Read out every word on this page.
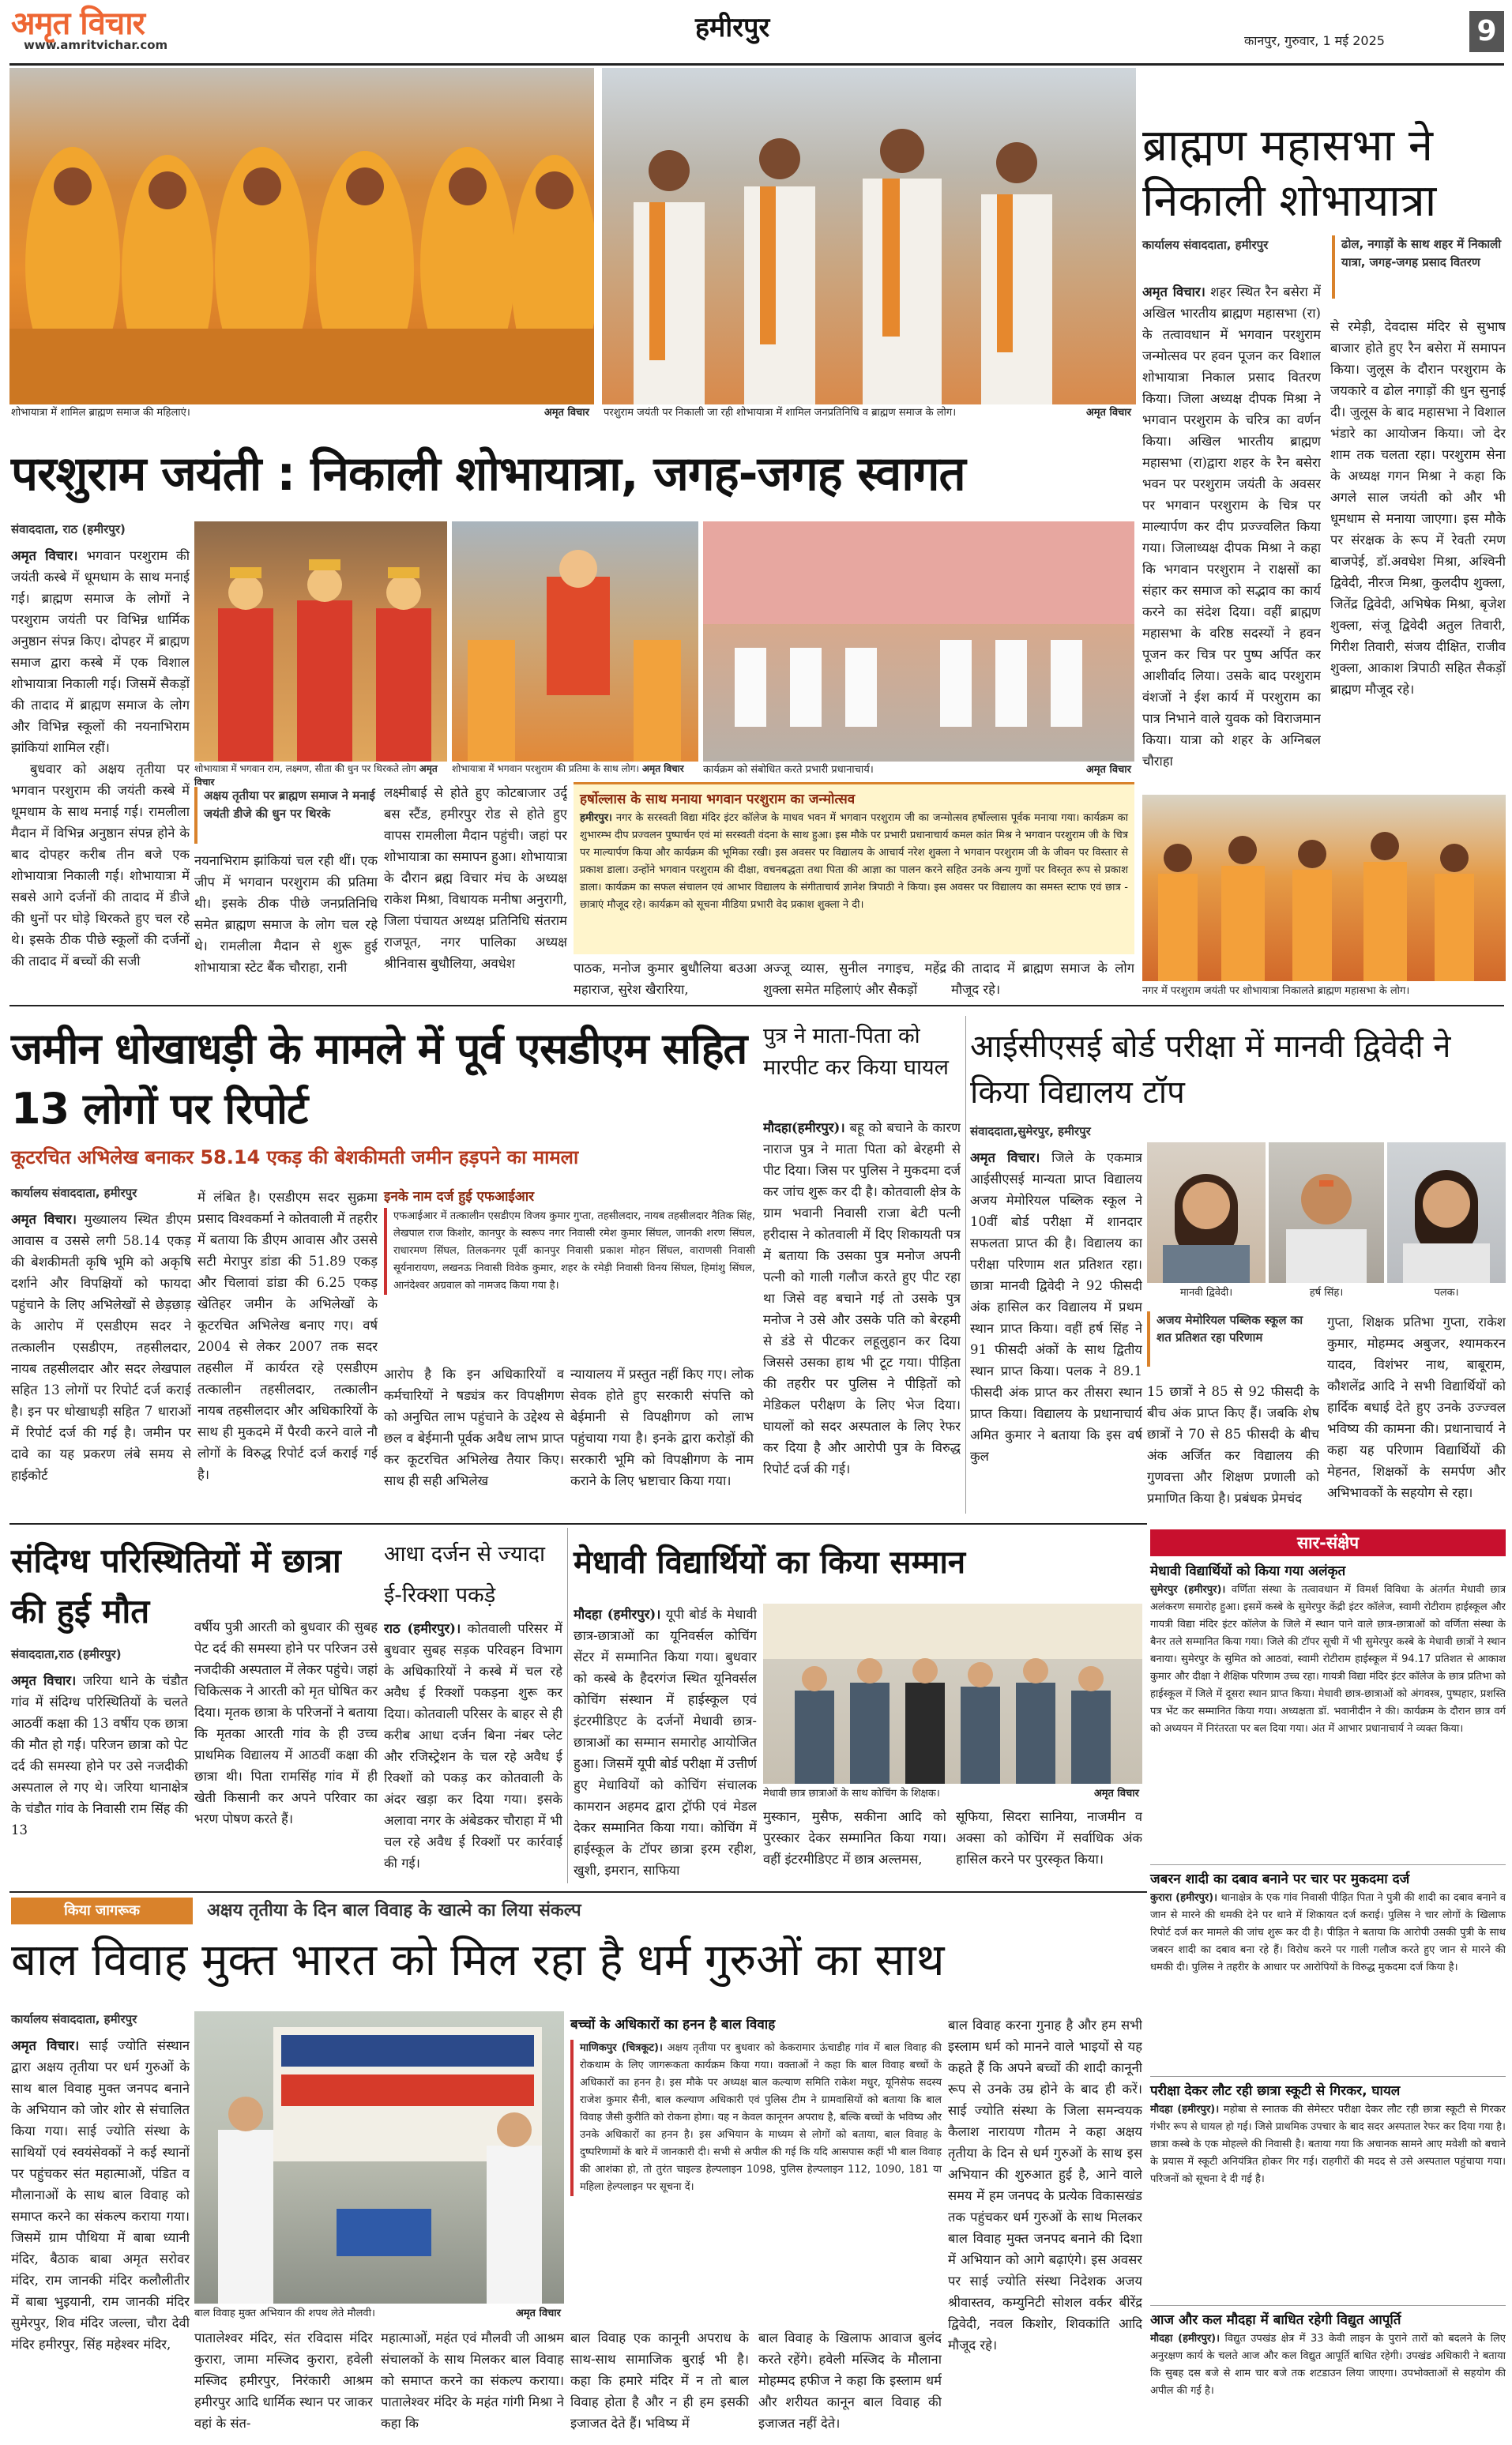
अमृत विचार
www.amritvichar.com
हमीरपुर	कानपुर, गुरुवार, 1 मई 2025	9
शोभायात्रा में शामिल ब्राह्मण समाज की महिलाएं।	अमृत विचार परशुराम जयंती पर निकाली जा रही शोभायात्रा में शामिल जनप्रतिनिधि व ब्राह्मण समाज के लोग।	अमृत विचार
ब्राह्मण महासभा ने निकाली शोभायात्रा
कार्यालय संवाददाता, हमीरपुर	ढोल, नगाड़ों के साथ शहर में निकाली यात्रा, जगह-जगह प्रसाद वितरण
अमृत विचार। शहर स्थित रैन बसेरा में अखिल भारतीय ब्राह्मण महासभा (रा) के तत्वावधान में भगवान परशुराम जन्मोत्सव पर हवन पूजन कर विशाल शोभायात्रा निकाल प्रसाद वितरण किया। जिला अध्यक्ष दीपक मिश्रा ने भगवान परशुराम के चरित्र का वर्णन किया। अखिल भारतीय ब्राह्मण महासभा (रा)द्वारा शहर के रैन बसेरा भवन पर परशुराम जयंती के अवसर पर भगवान परशुराम के चित्र पर माल्यार्पण कर दीप प्रज्ज्वलित किया गया। जिलाध्यक्ष दीपक मिश्रा ने कहा कि भगवान परशुराम ने राक्षसों का संहार कर समाज को सद्भाव का कार्य करने का संदेश दिया। वहीं ब्राह्मण महासभा के वरिष्ठ सदस्यों ने हवन पूजन कर चित्र पर पुष्प अर्पित कर आशीर्वाद लिया। उसके बाद परशुराम वंशजों ने ईश कार्य में परशुराम का पात्र निभाने वाले युवक को विराजमान किया। यात्रा को शहर के अग्निबल चौराहा
से रमेड़ी, देवदास मंदिर से सुभाष बाजार होते हुए रैन बसेरा में समापन किया। जुलूस के दौरान परशुराम के जयकारे व ढोल नगाड़ों की धुन सुनाई दी। जुलूस के बाद महासभा ने विशाल भंडारे का आयोजन किया। जो देर शाम तक चलता रहा। परशुराम सेना के अध्यक्ष गगन मिश्रा ने कहा कि अगले साल जयंती को और भी धूमधाम से मनाया जाएगा। इस मौके पर संरक्षक के रूप में रेवती रमण बाजपेई, डॉ.अवधेश मिश्रा, अश्विनी द्विवेदी, नीरज मिश्रा, कुलदीप शुक्ला, जितेंद्र द्विवेदी, अभिषेक मिश्रा, बृजेश शुक्ला, संजू द्विवेदी अतुल तिवारी, गिरीश तिवारी, संजय दीक्षित, राजीव शुक्ला, आकाश त्रिपाठी सहित सैकड़ों ब्राह्मण मौजूद रहे।
नगर में परशुराम जयंती पर शोभायात्रा निकालते ब्राह्मण महासभा के लोग।
परशुराम जयंती : निकाली शोभायात्रा, जगह-जगह स्वागत
संवाददाता, राठ (हमीरपुर)
अमृत विचार। भगवान परशुराम की जयंती कस्बे में धूमधाम के साथ मनाई गई। ब्राह्मण समाज के लोगों ने परशुराम जयंती पर विभिन्न धार्मिक अनुष्ठान संपन्न किए। दोपहर में ब्राह्मण समाज द्वारा कस्बे में एक विशाल शोभायात्रा निकाली गई। जिसमें सैकड़ों की तादाद में ब्राह्मण समाज के लोग और विभिन्न स्कूलों की नयनाभिराम झांकियां शामिल रहीं।
बुधवार को अक्षय तृतीया पर भगवान परशुराम की जयंती कस्बे में धूमधाम के साथ मनाई गई। रामलीला मैदान में विभिन्न अनुष्ठान संपन्न होने के बाद दोपहर करीब तीन बजे एक शोभायात्रा निकाली गई। शोभायात्रा में सबसे आगे दर्जनों की तादाद में डीजे की धुनों पर घोड़े थिरकते हुए चल रहे थे। इसके ठीक पीछे स्कूलों की दर्जनों की तादाद में बच्चों की सजी
शोभायात्रा में भगवान राम, लक्ष्मण, सीता की धुन पर थिरकते लोग अमृत विचार
शोभायात्रा में भगवान परशुराम की प्रतिमा के साथ लोग। अमृत विचार	कार्यक्रम को संबोधित करते प्रभारी प्रधानाचार्य।	अमृत विचार
अक्षय तृतीया पर ब्राह्मण समाज ने मनाई जयंती डीजे की धुन पर थिरके
नयनाभिराम झांकियां चल रही थीं। एक जीप में भगवान परशुराम की प्रतिमा थी। इसके ठीक पीछे जनप्रतिनिधि समेत ब्राह्मण समाज के लोग चल रहे थे। रामलीला मैदान से शुरू हुई शोभायात्रा स्टेट बैंक चौराहा, रानी
लक्ष्मीबाई से होते हुए कोटबाजार उर्दू बस स्टैंड, हमीरपुर रोड से होते हुए वापस रामलीला मैदान पहुंची। जहां पर शोभायात्रा का समापन हुआ। शोभायात्रा के दौरान ब्रह्म विचार मंच के अध्यक्ष राकेश मिश्रा, विधायक मनीषा अनुरागी, जिला पंचायत अध्यक्ष प्रतिनिधि संतराम राजपूत, नगर पालिका अध्यक्ष श्रीनिवास बुधौलिया, अवधेश
हर्षोल्लास के साथ मनाया भगवान परशुराम का जन्मोत्सव
हमीरपुर। नगर के सरस्वती विद्या मंदिर इंटर कॉलेज के माधव भवन में भगवान परशुराम जी का जन्मोत्सव हर्षोल्लास पूर्वक मनाया गया। कार्यक्रम का शुभारम्भ दीप प्रज्वलन पुष्पार्चन एवं मां सरस्वती वंदना के साथ हुआ। इस मौके पर प्रभारी प्रधानाचार्य कमल कांत मिश्र ने भगवान परशुराम जी के चित्र पर माल्यार्पण किया और कार्यक्रम की भूमिका रखी। इस अवसर पर विद्यालय के आचार्य नरेश शुक्ला ने भगवान परशुराम जी के जीवन पर विस्तार से प्रकाश डाला। उन्होंने भगवान परशुराम की दीक्षा, वचनबद्धता तथा पिता की आज्ञा का पालन करने सहित उनके अन्य गुणों पर विस्तृत रूप से प्रकाश डाला। कार्यक्रम का सफल संचालन एवं आभार विद्यालय के संगीताचार्य ज्ञानेश त्रिपाठी ने किया। इस अवसर पर विद्यालय का समस्त स्टाफ एवं छात्र - छात्राएं मौजूद रहे। कार्यक्रम को सूचना मीडिया प्रभारी वेद प्रकाश शुक्ला ने दी।
पाठक, मनोज कुमार बुधौलिया बउआ महाराज, सुरेश खैरारिया,
अज्जू व्यास, सुनील नगाइच, महेंद्र शुक्ला समेत महिलाएं और सैकड़ों
की तादाद में ब्राह्मण समाज के लोग मौजूद रहे।
जमीन धोखाधड़ी के मामले में पूर्व एसडीएम सहित 13 लोगों पर रिपोर्ट
कूटरचित अभिलेख बनाकर 58.14 एकड़ की बेशकीमती जमीन हड़पने का मामला
कार्यालय संवाददाता, हमीरपुर
अमृत विचार। मुख्यालय स्थित डीएम आवास व उससे लगी 58.14 एकड़ की बेशकीमती कृषि भूमि को अकृषि दर्शाने और विपक्षियों को फायदा पहुंचाने के लिए अभिलेखों से छेड़छाड़ के आरोप में एसडीएम सदर ने तत्कालीन एसडीएम, तहसीलदार, नायब तहसीलदार और सदर लेखपाल सहित 13 लोगों पर रिपोर्ट दर्ज कराई है। इन पर धोखाधड़ी सहित 7 धाराओं में रिपोर्ट दर्ज की गई है। जमीन पर दावे का यह प्रकरण लंबे समय से हाईकोर्ट
में लंबित है। एसडीएम सदर सुक्रमा प्रसाद विश्वकर्मा ने कोतवाली में तहरीर में बताया कि डीएम आवास और उससे सटी मेरापुर डांडा की 51.89 एकड़ और चिलावां डांडा की 6.25 एकड़ खेतिहर जमीन के अभिलेखों के कूटरचित अभिलेख बनाए गए। वर्ष 2004 से लेकर 2007 तक सदर तहसील में कार्यरत रहे एसडीएम तत्कालीन तहसीलदार, तत्कालीन नायब तहसीलदार और अधिकारियों के साथ ही मुकदमे में पैरवी करने वाले नौ लोगों के विरुद्ध रिपोर्ट दर्ज कराई गई है।
इनके नाम दर्ज हुई एफआईआर
एफआईआर में तत्कालीन एसडीएम विजय कुमार गुप्ता, तहसीलदार, नायब तहसीलदार नैतिक सिंह, लेखपाल राज किशोर, कानपुर के स्वरूप नगर निवासी रमेश कुमार सिंघल, जानकी शरण सिंघल, राधारमण सिंघल, तिलकनगर पूर्वी कानपुर निवासी प्रकाश मोहन सिंघल, वाराणसी निवासी सूर्यनारायण, लखनऊ निवासी विवेक कुमार, शहर के रमेड़ी निवासी विनय सिंघल, हिमांशु सिंघल, आनंदेश्वर अग्रवाल को नामजद किया गया है।
आरोप है कि इन अधिकारियों व कर्मचारियों ने षड्यंत्र कर विपक्षीगण को अनुचित लाभ पहुंचाने के उद्देश्य से छल व बेईमानी पूर्वक अवैध लाभ प्राप्त कर कूटरचित अभिलेख तैयार किए। साथ ही सही अभिलेख
न्यायालय में प्रस्तुत नहीं किए गए। लोक सेवक होते हुए सरकारी संपत्ति को बेईमानी से विपक्षीगण को लाभ पहुंचाया गया है। इनके द्वारा करोड़ों की सरकारी भूमि को विपक्षीगण के नाम कराने के लिए भ्रष्टाचार किया गया।
पुत्र ने माता-पिता को मारपीट कर किया घायल
मौदहा(हमीरपुर)। बहू को बचाने के कारण नाराज पुत्र ने माता पिता को बेरहमी से पीट दिया। जिस पर पुलिस ने मुकदमा दर्ज कर जांच शुरू कर दी है। कोतवाली क्षेत्र के ग्राम भवानी निवासी राजा बेटी पत्नी हरीदास ने कोतवाली में दिए शिकायती पत्र में बताया कि उसका पुत्र मनोज अपनी पत्नी को गाली गलौज करते हुए पीट रहा था जिसे वह बचाने गई तो उसके पुत्र मनोज ने उसे और उसके पति को बेरहमी से डंडे से पीटकर लहूलुहान कर दिया जिससे उसका हाथ भी टूट गया। पीड़िता की तहरीर पर पुलिस ने पीड़ितों को मेडिकल परीक्षण के लिए भेज दिया। घायलों को सदर अस्पताल के लिए रेफर कर दिया है और आरोपी पुत्र के विरुद्ध रिपोर्ट दर्ज की गई।
आईसीएसई बोर्ड परीक्षा में मानवी द्विवेदी ने किया विद्यालय टॉप
संवाददाता,सुमेरपुर, हमीरपुर
अमृत विचार। जिले के एकमात्र आईसीएसई मान्यता प्राप्त विद्यालय अजय मेमोरियल पब्लिक स्कूल ने 10वीं बोर्ड परीक्षा में शानदार सफलता प्राप्त की है। विद्यालय का परीक्षा परिणाम शत प्रतिशत रहा। छात्रा मानवी द्विवेदी ने 92 फीसदी अंक हासिल कर विद्यालय में प्रथम स्थान प्राप्त किया। वहीं हर्ष सिंह ने 91 फीसदी अंकों के साथ द्वितीय स्थान प्राप्त किया। पलक ने 89.1 फीसदी अंक प्राप्त कर तीसरा स्थान प्राप्त किया। विद्यालय के प्रधानाचार्य अमित कुमार ने बताया कि इस वर्ष कुल
मानवी द्विवेदी।	हर्ष सिंह।	पलक।
अजय मेमोरियल पब्लिक स्कूल का शत प्रतिशत रहा परिणाम
15 छात्रों ने 85 से 92 फीसदी के बीच अंक प्राप्त किए हैं। जबकि शेष छात्रों ने 70 से 85 फीसदी के बीच अंक अर्जित कर विद्यालय की गुणवत्ता और शिक्षण प्रणाली को प्रमाणित किया है। प्रबंधक प्रेमचंद
गुप्ता, शिक्षक प्रतिभा गुप्ता, राकेश कुमार, मोहम्मद अबुजर, श्यामकरन यादव, विशंभर नाथ, बाबूराम, कौशलेंद्र आदि ने सभी विद्यार्थियों को हार्दिक बधाई देते हुए उनके उज्ज्वल भविष्य की कामना की। प्रधानाचार्य ने कहा यह परिणाम विद्यार्थियों की मेहनत, शिक्षकों के समर्पण और अभिभावकों के सहयोग से रहा।
संदिग्ध परिस्थितियों में छात्रा की हुई मौत
संवाददाता,राठ (हमीरपुर)
अमृत विचार। जरिया थाने के चंडौत गांव में संदिग्ध परिस्थितियों के चलते आठवीं कक्षा की 13 वर्षीय एक छात्रा की मौत हो गई। परिजन छात्रा को पेट दर्द की समस्या होने पर उसे नजदीकी अस्पताल ले गए थे। जरिया थानाक्षेत्र के चंडौत गांव के निवासी राम सिंह की 13
वर्षीय पुत्री आरती को बुधवार की सुबह पेट दर्द की समस्या होने पर परिजन उसे नजदीकी अस्पताल में लेकर पहुंचे। जहां चिकित्सक ने आरती को मृत घोषित कर दिया। मृतक छात्रा के परिजनों ने बताया कि मृतका आरती गांव के ही उच्च प्राथमिक विद्यालय में आठवीं कक्षा की छात्रा थी। पिता रामसिंह गांव में ही खेती किसानी कर अपने परिवार का भरण पोषण करते हैं।
आधा दर्जन से ज्यादा
ई-रिक्शा पकड़े
राठ (हमीरपुर)। कोतवाली परिसर में बुधवार सुबह सड़क परिवहन विभाग के अधिकारियों ने कस्बे में चल रहे अवैध ई रिक्शों पकड़ना शुरू कर दिया। कोतवाली परिसर के बाहर से ही करीब आधा दर्जन बिना नंबर प्लेट और रजिस्ट्रेशन के चल रहे अवैध ई रिक्शों को पकड़ कर कोतवाली के अंदर खड़ा कर दिया गया। इसके अलावा नगर के अंबेडकर चौराहा में भी चल रहे अवैध ई रिक्शों पर कार्रवाई की गई।
मेधावी विद्यार्थियों का किया सम्मान
मौदहा (हमीरपुर)। यूपी बोर्ड के मेधावी छात्र-छात्राओं का यूनिवर्सल कोचिंग सेंटर में सम्मानित किया गया। बुधवार को कस्बे के हैदरगंज स्थित यूनिवर्सल कोचिंग संस्थान में हाईस्कूल एवं इंटरमीडिएट के दर्जनों मेधावी छात्र-छात्राओं का सम्मान समारोह आयोजित हुआ। जिसमें यूपी बोर्ड परीक्षा में उत्तीर्ण हुए मेधावियों को कोचिंग संचालक कामरान अहमद द्वारा ट्रॉफी एवं मेडल देकर सम्मानित किया गया। कोचिंग में हाईस्कूल के टॉपर छात्रा इरम रहीश, खुशी, इमरान, साफिया
मेधावी छात्र छात्राओं के साथ कोचिंग के शिक्षक।	अमृत विचार
मुस्कान, मुसैफ, सकीना आदि को पुरस्कार देकर सम्मानित किया गया। वहीं इंटरमीडिएट में छात्र अल्तमस,
सूफिया, सिदरा सानिया, नाजमीन व अक्सा को कोचिंग में सर्वाधिक अंक हासिल करने पर पुरस्कृत किया।
सार-संक्षेप
मेधावी विद्यार्थियों को किया गया अलंकृत
सुमेरपुर (हमीरपुर)। वर्णिता संस्था के तत्वावधान में विमर्श विविधा के अंतर्गत मेधावी छात्र अलंकरण समारोह हुआ। इसमें कस्बे के सुमेरपुर केंद्री इंटर कॉलेज, स्वामी रोटीराम हाईस्कूल और गायत्री विद्या मंदिर इंटर कॉलेज के जिले में स्थान पाने वाले छात्र-छात्राओं को वर्णिता संस्था के बैनर तले सम्मानित किया गया। जिले की टॉपर सूची में भी सुमेरपुर कस्बे के मेधावी छात्रों ने स्थान बनाया। सुमेरपुर के सुमित को आठवां, स्वामी रोटीराम हाईस्कूल में 94.17 प्रतिशत से आकाश कुमार और दीक्षा ने शैक्षिक परिणाम उच्च रहा। गायत्री विद्या मंदिर इंटर कॉलेज के छात्र प्रतिभा को हाईस्कूल में जिले में दूसरा स्थान प्राप्त किया। मेधावी छात्र-छात्राओं को अंगवस्त्र, पुष्पहार, प्रशस्ति पत्र भेंट कर सम्मानित किया गया। अध्यक्षता डॉ. भवानीदीन ने की। कार्यक्रम के दौरान छात्र वर्ग को अध्ययन में निरंतरता पर बल दिया गया। अंत में आभार प्रधानाचार्य ने व्यक्त किया।
जबरन शादी का दबाव बनाने पर चार पर मुकदमा दर्ज
कुरारा (हमीरपुर)। थानाक्षेत्र के एक गांव निवासी पीड़ित पिता ने पुत्री की शादी का दबाव बनाने व जान से मारने की धमकी देने पर थाने में शिकायत दर्ज कराई। पुलिस ने चार लोगों के खिलाफ रिपोर्ट दर्ज कर मामले की जांच शुरू कर दी है। पीड़ित ने बताया कि आरोपी उसकी पुत्री के साथ जबरन शादी का दबाव बना रहे हैं। विरोध करने पर गाली गलौज करते हुए जान से मारने की धमकी दी। पुलिस ने तहरीर के आधार पर आरोपियों के विरुद्ध मुकदमा दर्ज किया है।
परीक्षा देकर लौट रही छात्रा स्कूटी से गिरकर, घायल
मौदहा (हमीरपुर)। महोबा से स्नातक की सेमेस्टर परीक्षा देकर लौट रही छात्रा स्कूटी से गिरकर गंभीर रूप से घायल हो गई। जिसे प्राथमिक उपचार के बाद सदर अस्पताल रेफर कर दिया गया है। छात्रा कस्बे के एक मोहल्ले की निवासी है। बताया गया कि अचानक सामने आए मवेशी को बचाने के प्रयास में स्कूटी अनियंत्रित होकर गिर गई। राहगीरों की मदद से उसे अस्पताल पहुंचाया गया। परिजनों को सूचना दे दी गई है।
आज और कल मौदहा में बाधित रहेगी विद्युत आपूर्ति
मौदहा (हमीरपुर)। विद्युत उपखंड क्षेत्र में 33 केवी लाइन के पुराने तारों को बदलने के लिए अनुरक्षण कार्य के चलते आज और कल विद्युत आपूर्ति बाधित रहेगी। उपखंड अधिकारी ने बताया कि सुबह दस बजे से शाम चार बजे तक शटडाउन लिया जाएगा। उपभोक्ताओं से सहयोग की अपील की गई है।
किया जागरूक	अक्षय तृतीया के दिन बाल विवाह के खात्मे का लिया संकल्प
बाल विवाह मुक्त भारत को मिल रहा है धर्म गुरुओं का साथ
कार्यालय संवाददाता, हमीरपुर
अमृत विचार। साई ज्योति संस्थान द्वारा अक्षय तृतीया पर धर्म गुरुओं के साथ बाल विवाह मुक्त जनपद बनाने के अभियान को जोर शोर से संचालित किया गया। साई ज्योति संस्था के साथियों एवं स्वयंसेवकों ने कई स्थानों पर पहुंचकर संत महात्माओं, पंडित व मौलानाओं के साथ बाल विवाह को समाप्त करने का संकल्प कराया गया। जिसमें ग्राम पौथिया में बाबा ध्यानी मंदिर, बैठाक बाबा अमृत सरोवर मंदिर, राम जानकी मंदिर कलौलीतीर में बाबा भुइयानी, राम जानकी मंदिर सुमेरपुर, शिव मंदिर जल्ला, चौरा देवी मंदिर हमीरपुर, सिंह महेश्वर मंदिर,
बाल विवाह मुक्त अभियान की शपथ लेते मौलवी।	अमृत विचार
पातालेश्वर मंदिर, संत रविदास मंदिर कुरारा, जामा मस्जिद कुरारा, हवेली मस्जिद हमीरपुर, निरंकारी आश्रम हमीरपुर आदि धार्मिक स्थान पर जाकर वहां के संत-
महात्माओं, महंत एवं मौलवी जी आश्रम संचालकों के साथ मिलकर बाल विवाह को समाप्त करने का संकल्प कराया। पातालेश्वर मंदिर के महंत गांगी मिश्रा ने कहा कि
बच्चों के अधिकारों का हनन है बाल विवाह
माणिकपुर (चित्रकूट)। अक्षय तृतीया पर बुधवार को केकरामार ऊंचाडीह गांव में बाल विवाह की रोकथाम के लिए जागरूकता कार्यक्रम किया गया। वक्ताओं ने कहा कि बाल विवाह बच्चों के अधिकारों का हनन है। इस मौके पर अध्यक्ष बाल कल्याण समिति राकेश मधुर, यूनिसेफ सदस्य राजेश कुमार सैनी, बाल कल्याण अधिकारी एवं पुलिस टीम ने ग्रामवासियों को बताया कि बाल विवाह जैसी कुरीति को रोकना होगा। यह न केवल कानूनन अपराध है, बल्कि बच्चों के भविष्य और उनके अधिकारों का हनन है। इस अभियान के माध्यम से लोगों को बताया, बाल विवाह के दुष्परिणामों के बारे में जानकारी दी। सभी से अपील की गई कि यदि आसपास कहीं भी बाल विवाह की आशंका हो, तो तुरंत चाइल्ड हेल्पलाइन 1098, पुलिस हेल्पलाइन 112, 1090, 181 या महिला हेल्पलाइन पर सूचना दें।
बाल विवाह एक कानूनी अपराध के साथ-साथ सामाजिक बुराई भी है। कहा कि हमारे मंदिर में न तो बाल विवाह होता है और न ही हम इसकी इजाजत देते हैं। भविष्य में
बाल विवाह के खिलाफ आवाज बुलंद करते रहेंगे। हवेली मस्जिद के मौलाना मोहम्मद हफीज ने कहा कि इस्लाम धर्म और शरीयत कानून बाल विवाह की इजाजत नहीं देते।
बाल विवाह करना गुनाह है और हम सभी इस्लाम धर्म को मानने वाले भाइयों से यह कहते हैं कि अपने बच्चों की शादी कानूनी रूप से उनके उम्र होने के बाद ही करें। साई ज्योति संस्था के जिला समन्वयक कैलाश नारायण गौतम ने कहा अक्षय तृतीया के दिन से धर्म गुरुओं के साथ इस अभियान की शुरुआत हुई है, आने वाले समय में हम जनपद के प्रत्येक विकासखंड तक पहुंचकर धर्म गुरुओं के साथ मिलकर बाल विवाह मुक्त जनपद बनाने की दिशा में अभियान को आगे बढ़ाएंगे। इस अवसर पर साई ज्योति संस्था निदेशक अजय श्रीवास्तव, कम्युनिटी सोशल वर्कर बीरेंद्र द्विवेदी, नवल किशोर, शिवकांति आदि मौजूद रहे।
